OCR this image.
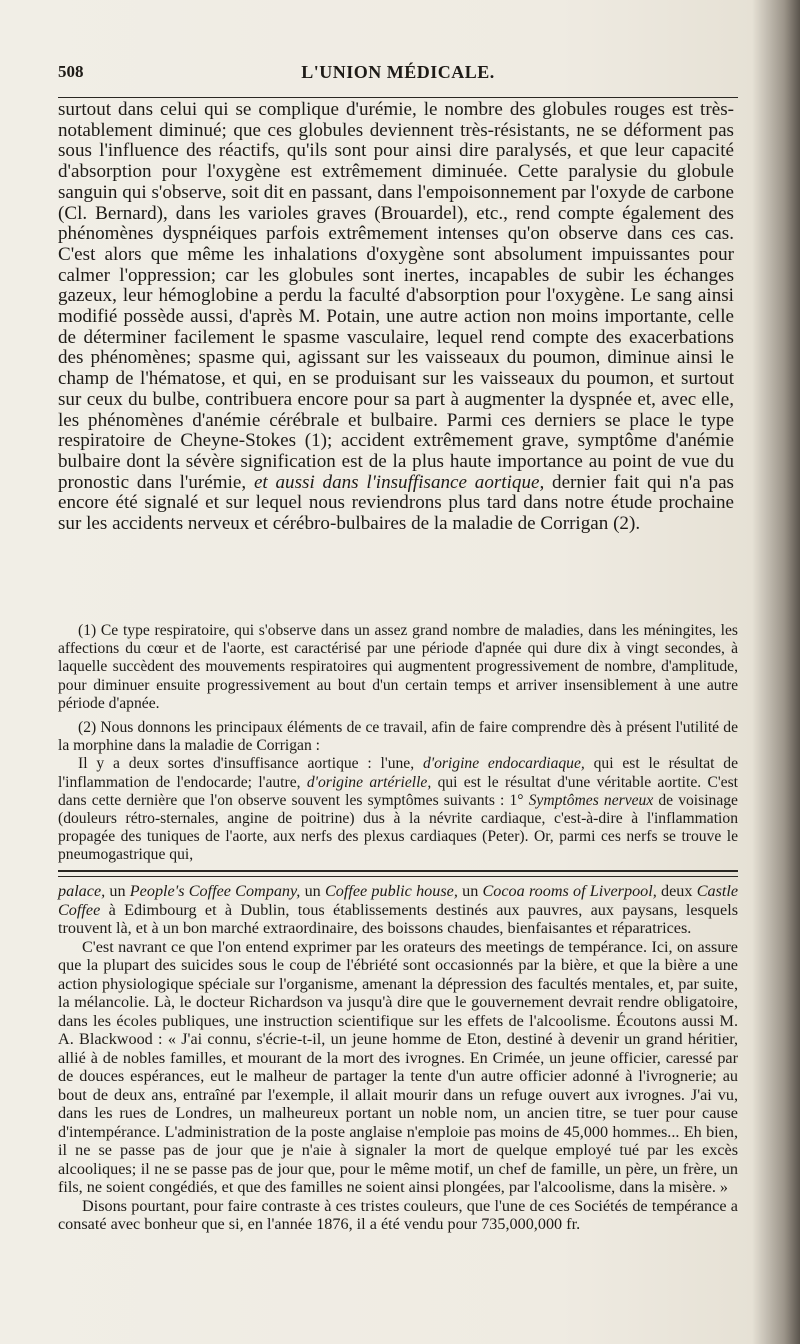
508	L'UNION MÉDICALE.

surtout dans celui qui se complique d'urémie, le nombre des globules rouges est très-notablement diminué; que ces globules deviennent très-résistants, ne se déforment pas sous l'influence des réactifs, qu'ils sont pour ainsi dire paralysés, et que leur capacité d'absorption pour l'oxygène est extrêmement diminuée. Cette paralysie du globule sanguin qui s'observe, soit dit en passant, dans l'empoisonnement par l'oxyde de carbone (Cl. Bernard), dans les varioles graves (Brouardel), etc., rend compte également des phénomènes dyspnéiques parfois extrêmement intenses qu'on observe dans ces cas. C'est alors que même les inhalations d'oxygène sont absolument impuissantes pour calmer l'oppression; car les globules sont inertes, incapables de subir les échanges gazeux, leur hémoglobine a perdu la faculté d'absorption pour l'oxygène. Le sang ainsi modifié possède aussi, d'après M. Potain, une autre action non moins importante, celle de déterminer facilement le spasme vasculaire, lequel rend compte des exacerbations des phénomènes; spasme qui, agissant sur les vaisseaux du poumon, diminue ainsi le champ de l'hématose, et qui, en se produisant sur les vaisseaux du poumon, et surtout sur ceux du bulbe, contribuera encore pour sa part à augmenter la dyspnée et, avec elle, les phénomènes d'anémie cérébrale et bulbaire. Parmi ces derniers se place le type respiratoire de Cheyne-Stokes (1); accident extrêmement grave, symptôme d'anémie bulbaire dont la sévère signification est de la plus haute importance au point de vue du pronostic dans l'urémie, et aussi dans l'insuffisance aortique, dernier fait qui n'a pas encore été signalé et sur lequel nous reviendrons plus tard dans notre étude prochaine sur les accidents nerveux et cérébro-bulbaires de la maladie de Corrigan (2).

(1) Ce type respiratoire, qui s'observe dans un assez grand nombre de maladies, dans les méningites, les affections du cœur et de l'aorte, est caractérisé par une période d'apnée qui dure dix à vingt secondes, à laquelle succèdent des mouvements respiratoires qui augmentent progressivement de nombre, d'amplitude, pour diminuer ensuite progressivement au bout d'un certain temps et arriver insensiblement à une autre période d'apnée.

(2) Nous donnons les principaux éléments de ce travail, afin de faire comprendre dès à présent l'utilité de la morphine dans la maladie de Corrigan :

Il y a deux sortes d'insuffisance aortique : l'une, d'origine endocardiaque, qui est le résultat de l'inflammation de l'endocarde; l'autre, d'origine artérielle, qui est le résultat d'une véritable aortite. C'est dans cette dernière que l'on observe souvent les symptômes suivants : 1° Symptômes nerveux de voisinage (douleurs rétro-sternales, angine de poitrine) dus à la névrite cardiaque, c'est-à-dire à l'inflammation propagée des tuniques de l'aorte, aux nerfs des plexus cardiaques (Peter). Or, parmi ces nerfs se trouve le pneumogastrique qui,

palace, un People's Coffee Company, un Coffee public house, un Cocoa rooms of Liverpool, deux Castle Coffee à Edimbourg et à Dublin, tous établissements destinés aux pauvres, aux paysans, lesquels trouvent là, et à un bon marché extraordinaire, des boissons chaudes, bienfaisantes et réparatrices.

C'est navrant ce que l'on entend exprimer par les orateurs des meetings de tempérance. Ici, on assure que la plupart des suicides sous le coup de l'ébriété sont occasionnés par la bière, et que la bière a une action physiologique spéciale sur l'organisme, amenant la dépression des facultés mentales, et, par suite, la mélancolie. Là, le docteur Richardson va jusqu'à dire que le gouvernement devrait rendre obligatoire, dans les écoles publiques, une instruction scientifique sur les effets de l'alcoolisme. Écoutons aussi M. A. Blackwood : « J'ai connu, s'écrie-t-il, un jeune homme de Eton, destiné à devenir un grand héritier, allié à de nobles familles, et mourant de la mort des ivrognes. En Crimée, un jeune officier, caressé par de douces espérances, eut le malheur de partager la tente d'un autre officier adonné à l'ivrognerie; au bout de deux ans, entraîné par l'exemple, il allait mourir dans un refuge ouvert aux ivrognes. J'ai vu, dans les rues de Londres, un malheureux portant un noble nom, un ancien titre, se tuer pour cause d'intempérance. L'administration de la poste anglaise n'emploie pas moins de 45,000 hommes... Eh bien, il ne se passe pas de jour que je n'aie à signaler la mort de quelque employé tué par les excès alcooliques; il ne se passe pas de jour que, pour le même motif, un chef de famille, un père, un frère, un fils, ne soient congédiés, et que des familles ne soient ainsi plongées, par l'alcoolisme, dans la misère. »

Disons pourtant, pour faire contraste à ces tristes couleurs, que l'une de ces Sociétés de tempérance a consaté avec bonheur que si, en l'année 1876, il a été vendu pour 735,000,000 fr.
